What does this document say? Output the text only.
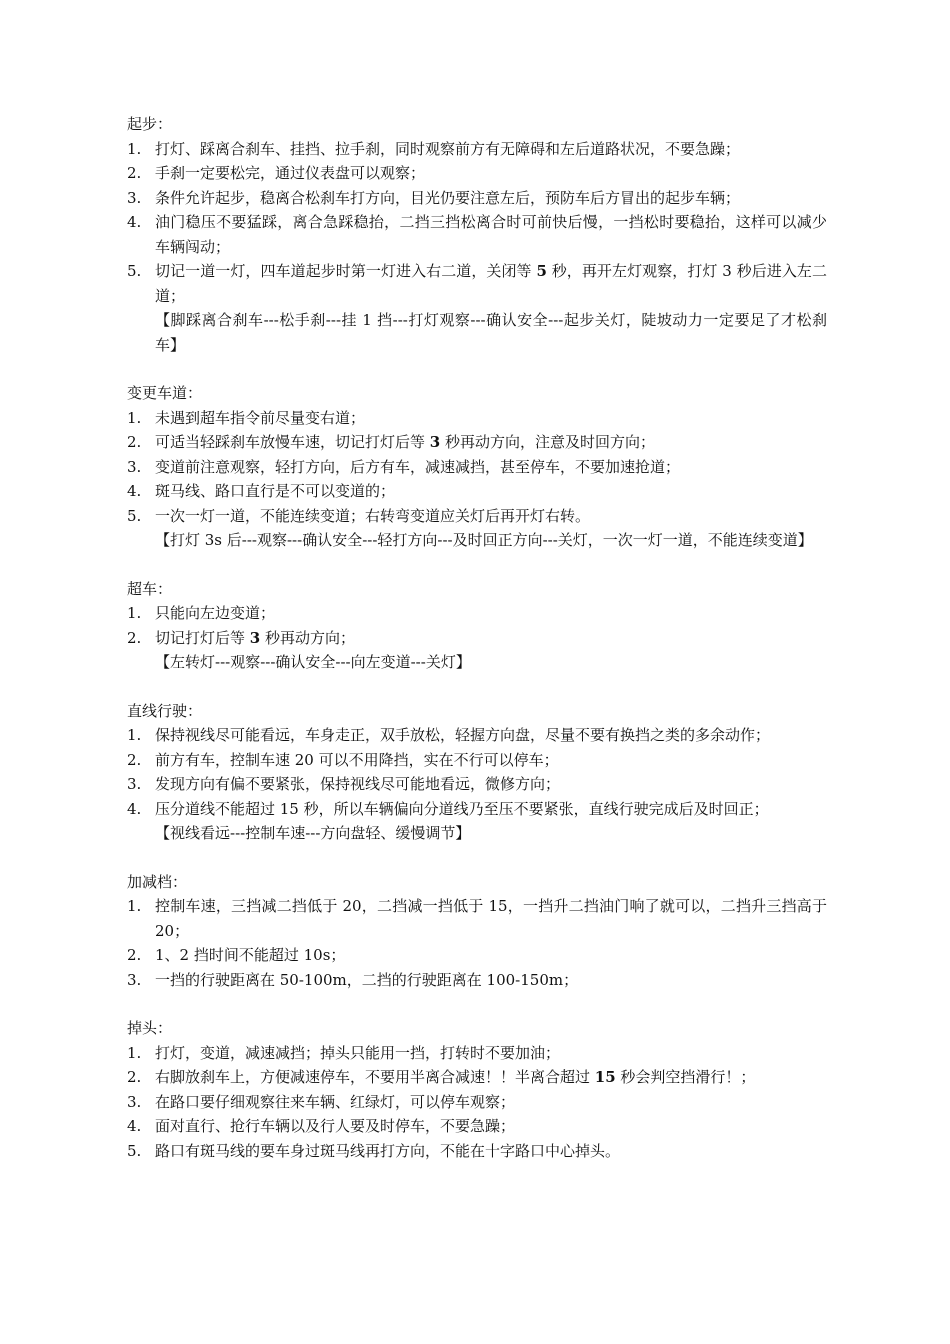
起步：

1. 打灯、踩离合刹车、挂挡、拉手刹，同时观察前方有无障碍和左后道路状况，不要急躁；
2. 手刹一定要松完，通过仪表盘可以观察；
3. 条件允许起步，稳离合松刹车打方向，目光仍要注意左后，预防车后方冒出的起步车辆；
4. 油门稳压不要猛踩，离合急踩稳抬，二挡三挡松离合时可前快后慢，一挡松时要稳抬，这样可以减少车辆闯动；
5. 切记一道一灯，四车道起步时第一灯进入右二道，关闭等 5 秒，再开左灯观察，打灯 3 秒后进入左二道；

【脚踩离合刹车---松手刹---挂 1 挡---打灯观察---确认安全---起步关灯，陡坡动力一定要足了才松刹车】

变更车道：

1. 未遇到超车指令前尽量变右道；
2. 可适当轻踩刹车放慢车速，切记打灯后等 3 秒再动方向，注意及时回方向；
3. 变道前注意观察，轻打方向，后方有车，减速减挡，甚至停车，不要加速抢道；
4. 斑马线、路口直行是不可以变道的；
5. 一次一灯一道，不能连续变道；右转弯变道应关灯后再开灯右转。

【打灯 3s 后---观察---确认安全---轻打方向---及时回正方向---关灯，一次一灯一道，不能连续变道】

超车：

1. 只能向左边变道；
2. 切记打灯后等 3 秒再动方向；

【左转灯---观察---确认安全---向左变道---关灯】

直线行驶：

1. 保持视线尽可能看远，车身走正，双手放松，轻握方向盘，尽量不要有换挡之类的多余动作；
2. 前方有车，控制车速 20 可以不用降挡，实在不行可以停车；
3. 发现方向有偏不要紧张，保持视线尽可能地看远，微修方向；
4. 压分道线不能超过 15 秒，所以车辆偏向分道线乃至压不要紧张，直线行驶完成后及时回正；

【视线看远---控制车速---方向盘轻、缓慢调节】

加减档：

1. 控制车速，三挡减二挡低于 20，二挡减一挡低于 15，一挡升二挡油门响了就可以，二挡升三挡高于 20；
2. 1、2 挡时间不能超过 10s；
3. 一挡的行驶距离在 50-100m，二挡的行驶距离在 100-150m；

掉头：

1. 打灯，变道，减速减挡；掉头只能用一挡，打转时不要加油；
2. 右脚放刹车上，方便减速停车，不要用半离合减速！！半离合超过 15 秒会判空挡滑行！；
3. 在路口要仔细观察往来车辆、红绿灯，可以停车观察；
4. 面对直行、抢行车辆以及行人要及时停车，不要急躁；
5. 路口有斑马线的要车身过斑马线再打方向，不能在十字路口中心掉头。
